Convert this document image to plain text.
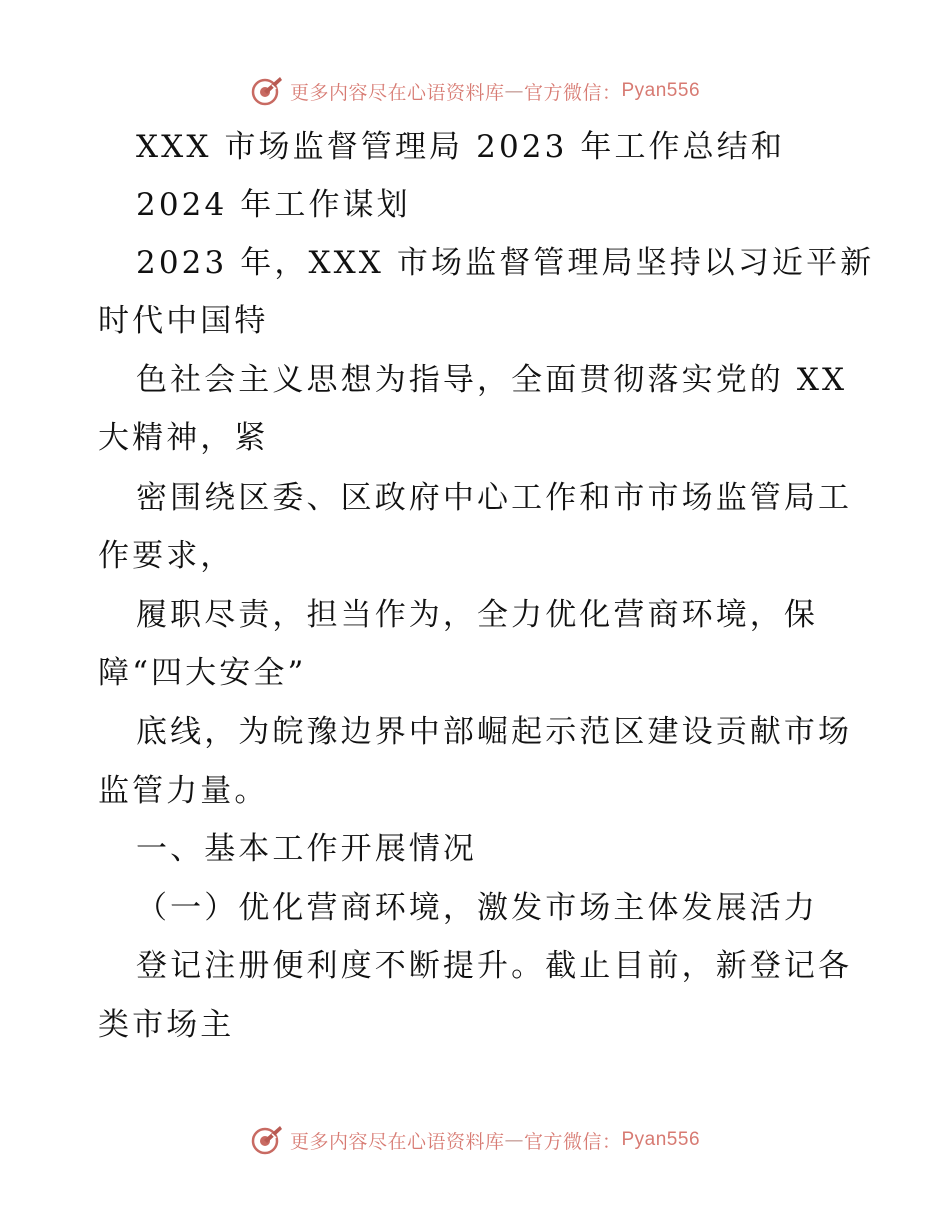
更多内容尽在心语资料库 — 官方微信： Pyan556
XXX 市场监督管理局 2023 年工作总结和
2024 年工作谋划
2023 年，XXX 市场监督管理局坚持以习近平新
时代中国特
色社会主义思想为指导，全面贯彻落实党的 XX
大精神，紧
密围绕区委、区政府中心工作和市市场监管局工
作要求，
履职尽责，担当作为，全力优化营商环境，保
障“四大安全”
底线，为皖豫边界中部崛起示范区建设贡献市场
监管力量。
一、基本工作开展情况
（一）优化营商环境，激发市场主体发展活力
登记注册便利度不断提升。截止目前，新登记各
类市场主
更多内容尽在心语资料库 — 官方微信： Pyan556
